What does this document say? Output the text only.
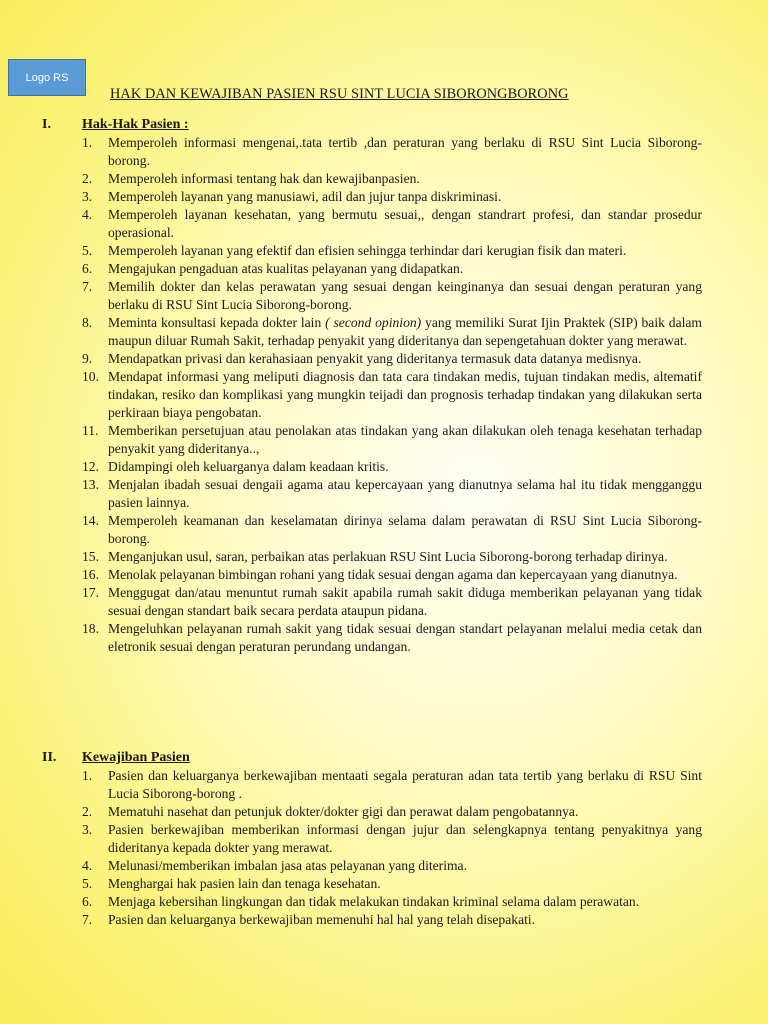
Logo RS
HAK DAN KEWAJIBAN PASIEN RSU SINT LUCIA SIBORONGBORONG
I. Hak-Hak Pasien :
1. Memperoleh informasi mengenai,.tata tertib ,dan peraturan yang berlaku di RSU Sint Lucia Siborong-borong.
2. Memperoleh informasi tentang hak dan kewajibanpasien.
3. Memperoleh layanan yang manusiawi, adil dan jujur tanpa diskriminasi.
4. Memperoleh layanan kesehatan, yang bermutu sesuai,, dengan standrart profesi, dan standar prosedur operasional.
5. Memperoleh layanan yang efektif dan efisien sehingga terhindar dari kerugian fisik dan materi.
6. Mengajukan pengaduan atas kualitas pelayanan yang didapatkan.
7. Memilih dokter dan kelas perawatan yang sesuai dengan keinginanya dan sesuai dengan peraturan yang berlaku di RSU Sint Lucia Siborong-borong.
8. Meminta konsultasi kepada dokter lain ( second opinion) yang memiliki Surat Ijin Praktek (SIP) baik dalam maupun diluar Rumah Sakit, terhadap penyakit yang dideritanya dan sepengetahuan dokter yang merawat.
9. Mendapatkan privasi dan kerahasiaan penyakit yang dideritanya termasuk data datanya medisnya.
10. Mendapat informasi yang meliputi diagnosis dan tata cara tindakan medis, tujuan tindakan medis, altematif tindakan, resiko dan komplikasi yang mungkin teijadi dan prognosis terhadap tindakan yang dilakukan serta perkiraan biaya pengobatan.
11. Memberikan persetujuan atau penolakan atas tindakan yang akan dilakukan oleh tenaga kesehatan terhadap penyakit yang dideritanya..,
12. Didampingi oleh keluarganya dalam keadaan kritis.
13. Menjalan ibadah sesuai dengaii agama atau kepercayaan yang dianutnya selama hal itu tidak mengganggu pasien lainnya.
14. Memperoleh keamanan dan keselamatan dirinya selama dalam perawatan di RSU Sint Lucia Siborong-borong.
15. Menganjukan usul, saran, perbaikan atas perlakuan RSU Sint Lucia Siborong-borong terhadap dirinya.
16. Menolak pelayanan bimbingan rohani yang tidak sesuai dengan agama dan kepercayaan yang dianutnya.
17. Menggugat dan/atau menuntut rumah sakit apabila rumah sakit diduga memberikan pelayanan yang tidak sesuai dengan standart baik secara perdata ataupun pidana.
18. Mengeluhkan pelayanan rumah sakit yang tidak sesuai dengan standart pelayanan melalui media cetak dan eletronik sesuai dengan peraturan perundang undangan.
II. Kewajiban Pasien
1. Pasien dan keluarganya berkewajiban mentaati segala peraturan adan tata tertib yang berlaku di RSU Sint Lucia Siborong-borong .
2. Mematuhi nasehat dan petunjuk dokter/dokter gigi dan perawat dalam pengobatannya.
3. Pasien berkewajiban memberikan informasi dengan jujur dan selengkapnya tentang penyakitnya yang dideritanya kepada dokter yang merawat.
4. Melunasi/memberikan imbalan jasa atas pelayanan yang diterima.
5. Menghargai hak pasien lain dan tenaga kesehatan.
6. Menjaga kebersihan lingkungan dan tidak melakukan tindakan kriminal selama dalam perawatan.
7. Pasien dan keluarganya berkewajiban memenuhi hal hal yang telah disepakati.
